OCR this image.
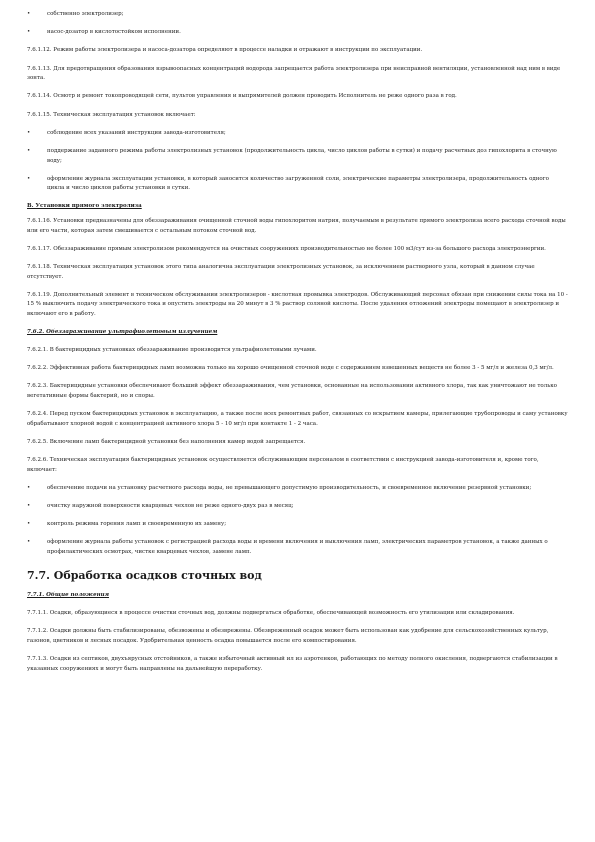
•	собственно электролизер;
•	насос-дозатор в кислотостойком исполнении.

7.6.1.12. Режим работы электролизера и насоса-дозатора определяют в процессе наладки и отражают в инструкции по эксплуатации.

7.6.1.13. Для предотвращения образования взрывоопасных концентраций водорода запрещается работа электролизера при неисправной вентиляции, установленной над ним в виде зонта.

7.6.1.14. Осмотр и ремонт токопроводящей сети, пультов управления и выпрямителей должен проводить Исполнитель не реже одного раза в год.

7.6.1.15. Техническая эксплуатация установок включает:

•	соблюдение всех указаний инструкции завода-изготовителя;
•	поддержание заданного режима работы электролизных установок (продолжительность цикла, число циклов работы в сутки) и подачу расчетных доз гипохлорита в сточную воду;
•	оформление журнала эксплуатации установки, в который заносится количество загруженной соли, электрические параметры электролизера, продолжительность одного цикла и число циклов работы установки в сутки.
В. Установки прямого электролиза

7.6.1.16. Установки предназначены для обеззараживания очищенной сточной воды гипохлоритом натрия, получаемым в результате прямого электролиза всего расхода сточной воды или его части, которая затем смешивается с остальным потоком сточной вод.

7.6.1.17. Обеззараживание прямым электролизом рекомендуется на очистных сооружениях производительностью не более 100 м3/сут из-за большого расхода электроэнергии.

7.6.1.18. Техническая эксплуатация установок этого типа аналогична эксплуатации электролизных установок, за исключением растворного узла, который в данном случае отсутствует.

7.6.1.19. Дополнительный элемент в техническом обслуживании электролизеров - кислотная промывка электродов. Обслуживающий персонал обязан при снижении силы тока на 10 - 15 % выключить подачу электрического тока и опустить электроды на 20 минут в 3 % раствор соляной кислоты. После удаления отложений электроды помещают в электролизер и включают его в работу.

7.6.2. Обеззараживание ультрафиолетовым излучением

7.6.2.1. В бактерицидных установках обеззараживание производится ультрафиолетовыми лучами.

7.6.2.2. Эффективная работа бактерицидных ламп возможна только на хорошо очищенной сточной воде с содержанием взвешенных веществ не более 3 - 5 мг/л и железа 0,3 мг/л.

7.6.2.3. Бактерицидные установки обеспечивают больший эффект обеззараживания, чем установки, основанные на использовании активного хлора, так как уничтожают не только вегетативные формы бактерий, но и споры.

7.6.2.4. Перед пуском бактерицидных установок в эксплуатацию, а также после всех ремонтных работ, связанных со вскрытием камеры, прилегающие трубопроводы и саму установку обрабатывают хлорной водой с концентрацией активного хлора 5 - 10 мг/л при контакте 1 - 2 часа.

7.6.2.5. Включение ламп бактерицидной установки без наполнения камер водой запрещается.

7.6.2.6. Техническая эксплуатация бактерицидных установок осуществляется обслуживающим персоналом в соответствии с инструкцией завода-изготовителя и, кроме того, включает:

•	обеспечение подачи на установку расчетного расхода воды, не превышающего допустимую производительность, и своевременное включение резервной установки;
•	очистку наружной поверхности кварцевых чехлов не реже одного-двух раз в месяц;
•	контроль режима горения ламп и своевременную их замену;
•	оформление журнала работы установок с регистрацией расхода воды и времени включения и выключения ламп, электрических параметров установок, а также данных о профилактических осмотрах, чистке кварцевых чехлов, замене ламп.
7.7. Обработка осадков сточных вод
7.7.1. Общие положения

7.7.1.1. Осадки, образующиеся в процессе очистки сточных вод, должны подвергаться обработке, обеспечивающей возможность его утилизации или складирования.

7.7.1.2. Осадки должны быть стабилизированы, обезвожены и обезврежены. Обезвреженный осадок может быть использован как удобрение для сельскохозяйственных культур, газонов, цветников и лесных посадок. Удобрительная ценность осадка повышается после его компостирования.

7.7.1.3. Осадки из септиков, двухъярусных отстойников, а также избыточный активный ил из аэротенков, работающих по методу полного окисления, подвергаются стабилизации в указанных сооружениях и могут быть направлены на дальнейшую переработку.
